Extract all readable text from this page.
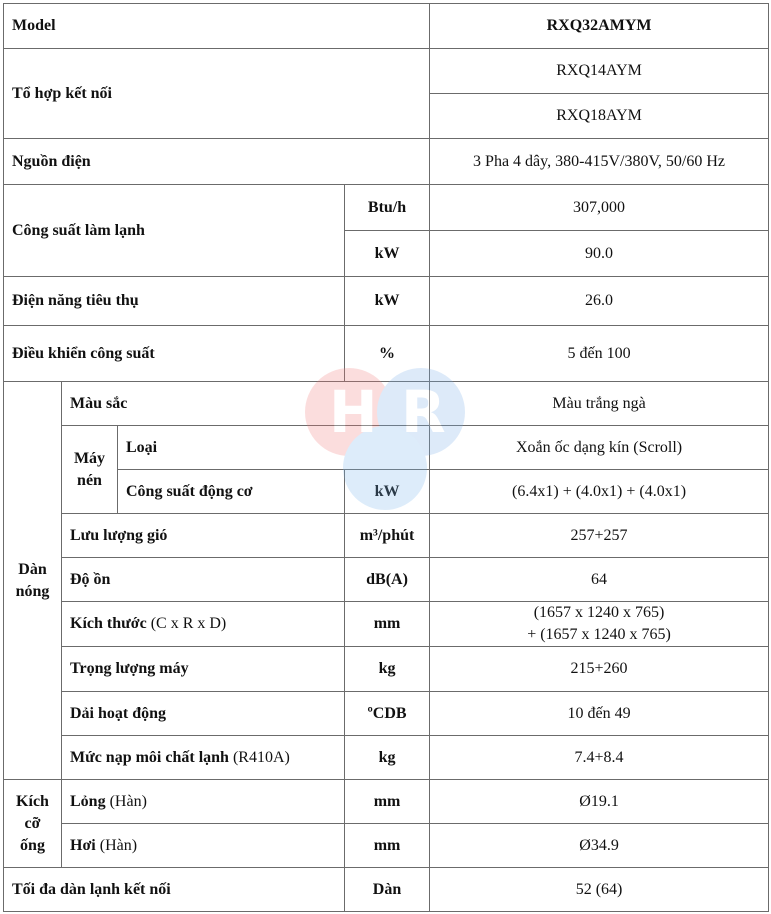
Model				RXQ32AMYM
Tổ hợp kết nối				RXQ14AYM
				RXQ18AYM
Nguồn điện				3 Pha 4 dây, 380-415V/380V, 50/60 Hz
Công suất làm lạnh			Btu/h	307,000
			kW	90.0
Điện năng tiêu thụ			kW	26.0
Điều khiển công suất			%	5 đến 100
Dàn nóng	Màu sắc			Màu trắng ngà
	Máy nén	Loại		Xoắn ốc dạng kín (Scroll)
		Công suất động cơ	kW	(6.4x1) + (4.0x1) + (4.0x1)
	Lưu lượng gió		m³/phút	257+257
	Độ ồn		dB(A)	64
	Kích thước (C x R x D)		mm	(1657 x 1240 x 765)
+ (1657 x 1240 x 765)

	Trọng lượng máy		kg	215+260
	Dải hoạt động		ºCDB	10 đến 49
	Mức nạp môi chất lạnh (R410A)		kg	7.4+8.4
Kích cỡ ống	Lỏng (Hàn)		mm	Ø19.1
	Hơi (Hàn)		mm	Ø34.9
Tối đa dàn lạnh kết nối			Dàn	52 (64)
H R
